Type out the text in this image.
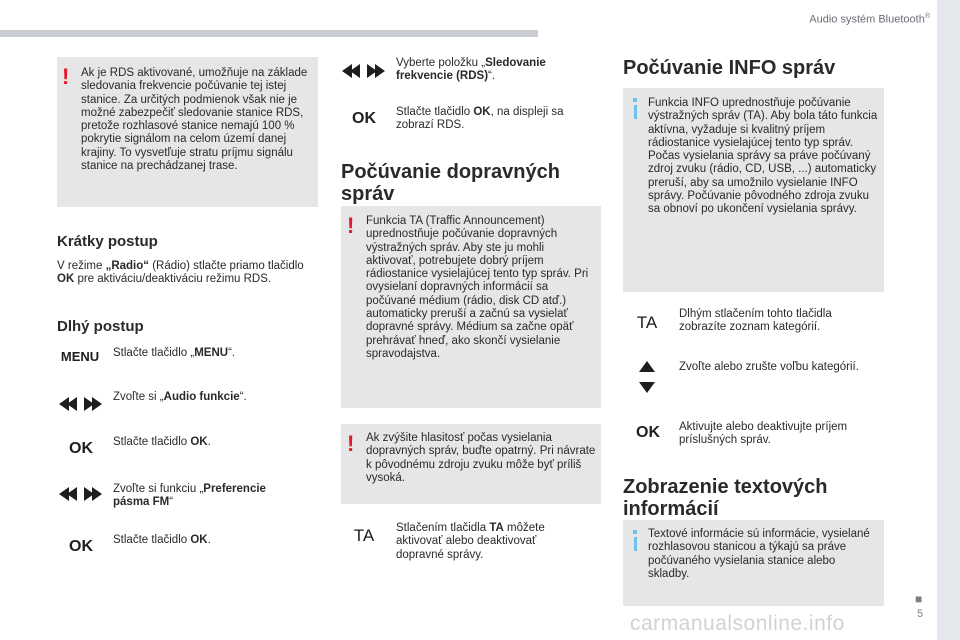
Audio systém Bluetooth®
■
5
! Ak je RDS aktivované, umožňuje na základe sledovania frekvencie počúvanie tej istej stanice. Za určitých podmienok však nie je možné zabezpečiť sledovanie stanice RDS, pretože rozhlasové stanice nemajú 100 % pokrytie signálom na celom území danej krajiny. To vysvetľuje stratu príjmu signálu stanice na prechádzanej trase.
Krátky postup
V režime „Radio“ (Rádio) stlačte priamo tlačidlo OK pre aktiváciu/deaktiváciu režimu RDS.
Dlhý postup
MENU	Stlačte tlačidlo „MENU“.
Zvoľte si „Audio funkcie“.
OK	Stlačte tlačidlo OK.
Zvoľte si funkciu „Preferencie pásma FM“
OK	Stlačte tlačidlo OK.
Vyberte položku „Sledovanie frekvencie (RDS)“.
OK	Stlačte tlačidlo OK, na displeji sa zobrazí RDS.
Počúvanie dopravných správ
! Funkcia TA (Traffic Announcement) uprednostňuje počúvanie dopravných výstražných správ. Aby ste ju mohli aktivovať, potrebujete dobrý príjem rádiostanice vysielajúcej tento typ správ. Pri ovysielaní dopravných informácií sa počúvané médium (rádio, disk CD atď.) automaticky preruší a začnú sa vysielať dopravné správy. Médium sa začne opäť prehrávať hneď, ako skončí vysielanie spravodajstva.
! Ak zvýšite hlasitosť počas vysielania dopravných správ, buďte opatrný. Pri návrate k pôvodnému zdroju zvuku môže byť príliš vysoká.
TA	Stlačením tlačidla TA môžete aktivovať alebo deaktivovať dopravné správy.
Počúvanie INFO správ
Funkcia INFO uprednostňuje počúvanie výstražných správ (TA). Aby bola táto funkcia aktívna, vyžaduje si kvalitný príjem rádiostanice vysielajúcej tento typ správ. Počas vysielania správy sa práve počúvaný zdroj zvuku (rádio, CD, USB, ...) automaticky preruší, aby sa umožnilo vysielanie INFO správy. Počúvanie pôvodného zdroja zvuku sa obnoví po ukončení vysielania správy.
TA	Dlhým stlačením tohto tlačidla zobrazíte zoznam kategórií.
Zvoľte alebo zrušte voľbu kategórií.
OK	Aktivujte alebo deaktivujte príjem príslušných správ.
Zobrazenie textových informácií
Textové informácie sú informácie, vysielané rozhlasovou stanicou a týkajú sa práve počúvaného vysielania stanice alebo skladby.
carmanualsonline.info
